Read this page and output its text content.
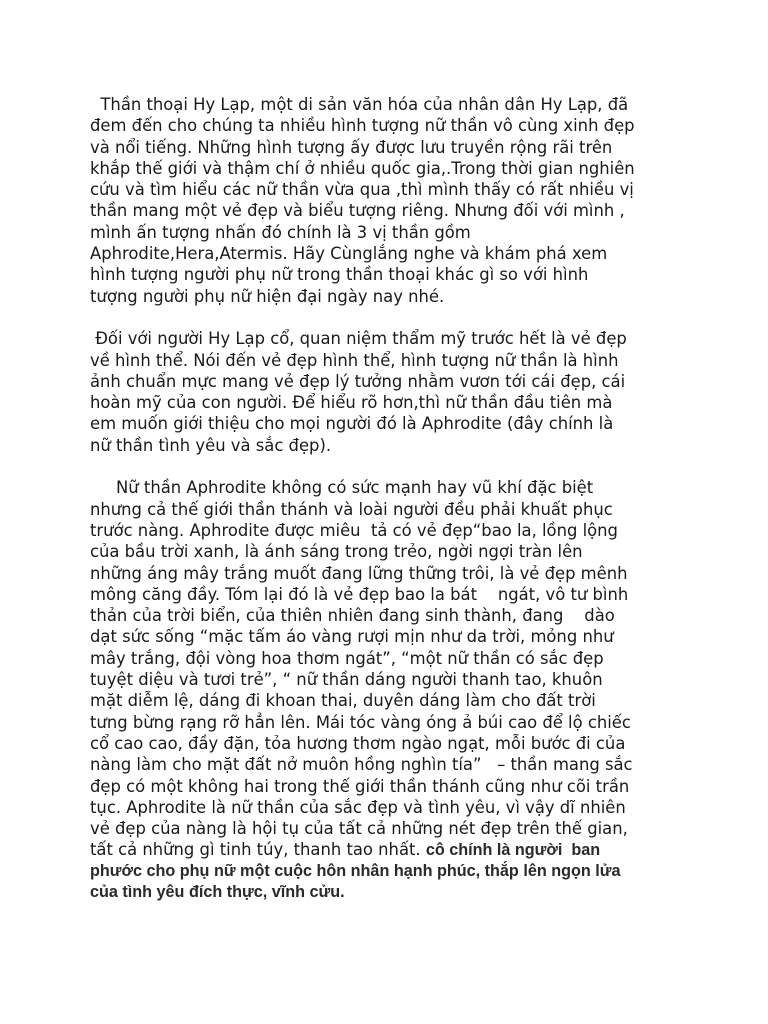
Thần thoại Hy Lạp, một di sản văn hóa của nhân dân Hy Lạp, đã
đem đến cho chúng ta nhiều hình tượng nữ thần vô cùng xinh đẹp
và nổi tiếng. Những hình tượng ấy được lưu truyền rộng rãi trên
khắp thế giới và thậm chí ở nhiều quốc gia,.Trong thời gian nghiên
cứu và tìm hiểu các nữ thần vừa qua ,thì mình thấy có rất nhiều vị
thần mang một vẻ đẹp và biểu tượng riêng. Nhưng đối với mình ,
mình ấn tượng nhấn đó chính là 3 vị thần gồm
Aphrodite,Hera,Atermis. Hãy Cùnglắng nghe và khám phá xem
hình tượng người phụ nữ trong thần thoại khác gì so với hình
tượng người phụ nữ hiện đại ngày nay nhé.
Đối với người Hy Lạp cổ, quan niệm thẩm mỹ trước hết là vẻ đẹp
về hình thể. Nói đến vẻ đẹp hình thể, hình tượng nữ thần là hình
ảnh chuẩn mực mang vẻ đẹp lý tưởng nhằm vươn tới cái đẹp, cái
hoàn mỹ của con người. Để hiểu rõ hơn,thì nữ thần đầu tiên mà
em muốn giới thiệu cho mọi người đó là Aphrodite (đây chính là
nữ thần tình yêu và sắc đẹp).
Nữ thần Aphrodite không có sức mạnh hay vũ khí đặc biệt
nhưng cả thế giới thần thánh và loài người đều phải khuất phục
trước nàng. Aphrodite được miêu  tả có vẻ đẹp“bao la, lồng lộng
của bầu trời xanh, là ánh sáng trong trẻo, ngời ngợi tràn lên
những áng mây trắng muốt đang lững thững trôi, là vẻ đẹp mênh
mông căng đầy. Tóm lại đó là vẻ đẹp bao la bát    ngát, vô tư bình
thản của trời biển, của thiên nhiên đang sinh thành, đang    dào
dạt sức sống “mặc tấm áo vàng rượi mịn như da trời, mỏng như
mây trắng, đội vòng hoa thơm ngát”, “một nữ thần có sắc đẹp
tuyệt diệu và tươi trẻ”, “ nữ thần dáng người thanh tao, khuôn
mặt diễm lệ, dáng đi khoan thai, duyên dáng làm cho đất trời
tưng bừng rạng rỡ hẳn lên. Mái tóc vàng óng ả búi cao để lộ chiếc
cổ cao cao, đầy đặn, tỏa hương thơm ngào ngạt, mỗi bước đi của
nàng làm cho mặt đất nở muôn hồng nghìn tía”   – thần mang sắc
đẹp có một không hai trong thế giới thần thánh cũng như cõi trần
tục. Aphrodite là nữ thần của sắc đẹp và tình yêu, vì vậy dĩ nhiên
vẻ đẹp của nàng là hội tụ của tất cả những nét đẹp trên thế gian,
tất cả những gì tinh túy, thanh tao nhất. cô chính là người  ban
phước cho phụ nữ một cuộc hôn nhân hạnh phúc, thắp lên ngọn lửa
của tình yêu đích thực, vĩnh cửu.
